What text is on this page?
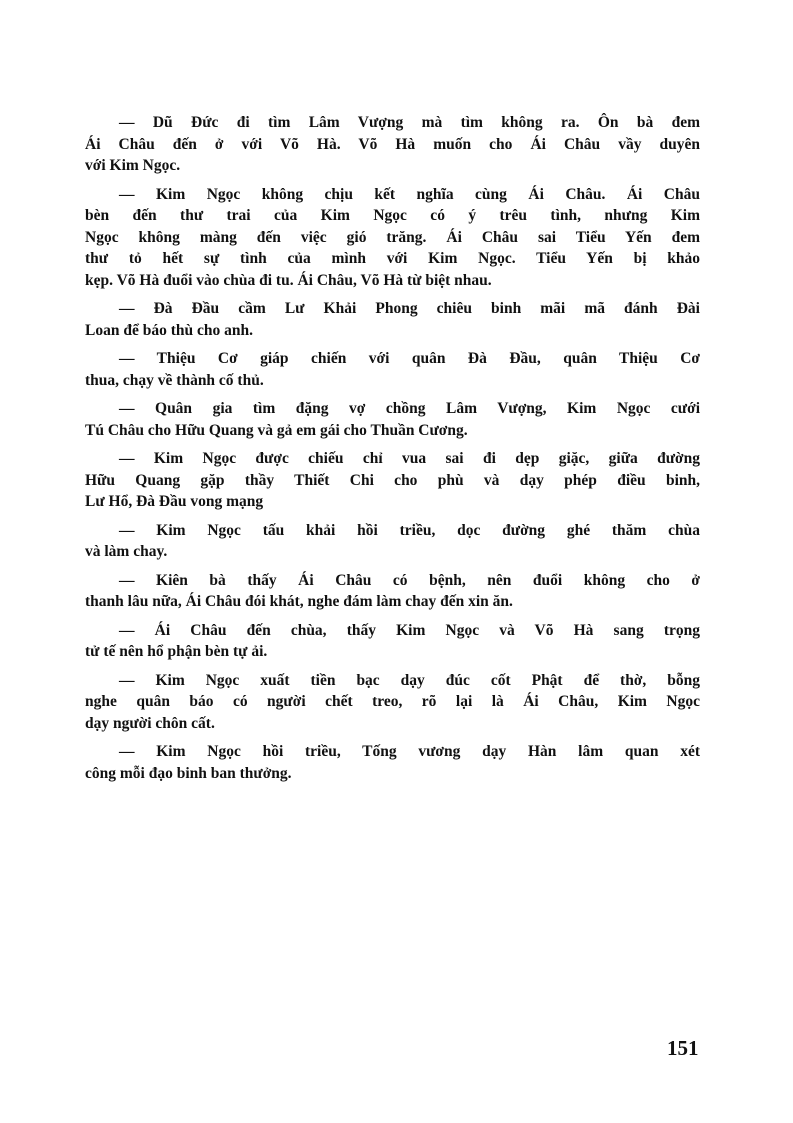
— Dũ Đức đi tìm Lâm Vượng mà tìm không ra. Ôn bà đem
Ái Châu đến ở với Võ Hà. Võ Hà muốn cho Ái Châu vầy duyên
với Kim Ngọc.
— Kim Ngọc không chịu kết nghĩa cùng Ái Châu. Ái Châu
bèn đến thư trai của Kim Ngọc có ý trêu tình, nhưng Kim
Ngọc không màng đến việc gió trăng. Ái Châu sai Tiểu Yến đem
thư tỏ hết sự tình của mình với Kim Ngọc. Tiểu Yến bị khảo
kẹp. Võ Hà đuổi vào chùa đi tu. Ái Châu, Võ Hà từ biệt nhau.
— Đà Đầu cầm Lư Khải Phong chiêu binh mãi mã đánh Đài
Loan để báo thù cho anh.
— Thiệu Cơ giáp chiến với quân Đà Đầu, quân Thiệu Cơ
thua, chạy về thành cố thủ.
— Quân gia tìm đặng vợ chồng Lâm Vượng, Kim Ngọc cưới
Tú Châu cho Hữu Quang và gả em gái cho Thuần Cương.
— Kim Ngọc được chiếu chỉ vua sai đi dẹp giặc, giữa đường
Hữu Quang gặp thầy Thiết Chi cho phù và dạy phép điều binh,
Lư Hổ, Đà Đầu vong mạng
— Kim Ngọc tấu khải hồi triều, dọc đường ghé thăm chùa
và làm chay.
— Kiên bà thấy Ái Châu có bệnh, nên đuổi không cho ở
thanh lâu nữa, Ái Châu đói khát, nghe đám làm chay đến xin ăn.
— Ái Châu đến chùa, thấy Kim Ngọc và Võ Hà sang trọng
tử tế nên hổ phận bèn tự ải.
— Kim Ngọc xuất tiền bạc dạy đúc cốt Phật để thờ, bỗng
nghe quân báo có người chết treo, rõ lại là Ái Châu, Kim Ngọc
dạy người chôn cất.
— Kim Ngọc hồi triều, Tống vương dạy Hàn lâm quan xét
công mỗi đạo binh ban thưởng.
151
